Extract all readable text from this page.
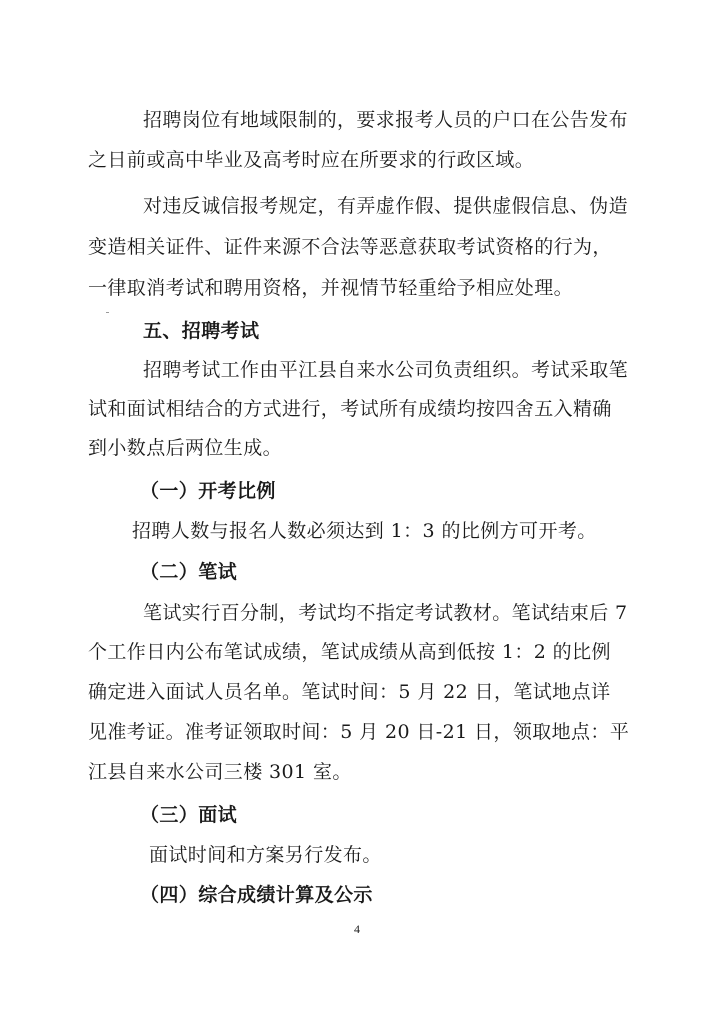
招聘岗位有地域限制的，要求报考人员的户口在公告发布
之日前或高中毕业及高考时应在所要求的行政区域。
对违反诚信报考规定，有弄虚作假、提供虚假信息、伪造
变造相关证件、证件来源不合法等恶意获取考试资格的行为，
一律取消考试和聘用资格，并视情节轻重给予相应处理。
五、招聘考试
招聘考试工作由平江县自来水公司负责组织。考试采取笔
试和面试相结合的方式进行，考试所有成绩均按四舍五入精确
到小数点后两位生成。
（一）开考比例
招聘人数与报名人数必须达到 1：3 的比例方可开考。
（二）笔试
笔试实行百分制，考试均不指定考试教材。笔试结束后 7
个工作日内公布笔试成绩，笔试成绩从高到低按 1：2 的比例
确定进入面试人员名单。笔试时间：5 月 22 日，笔试地点详
见准考证。准考证领取时间：5 月 20 日-21 日，领取地点：平
江县自来水公司三楼 301 室。
（三）面试
面试时间和方案另行发布。
（四）综合成绩计算及公示
4
